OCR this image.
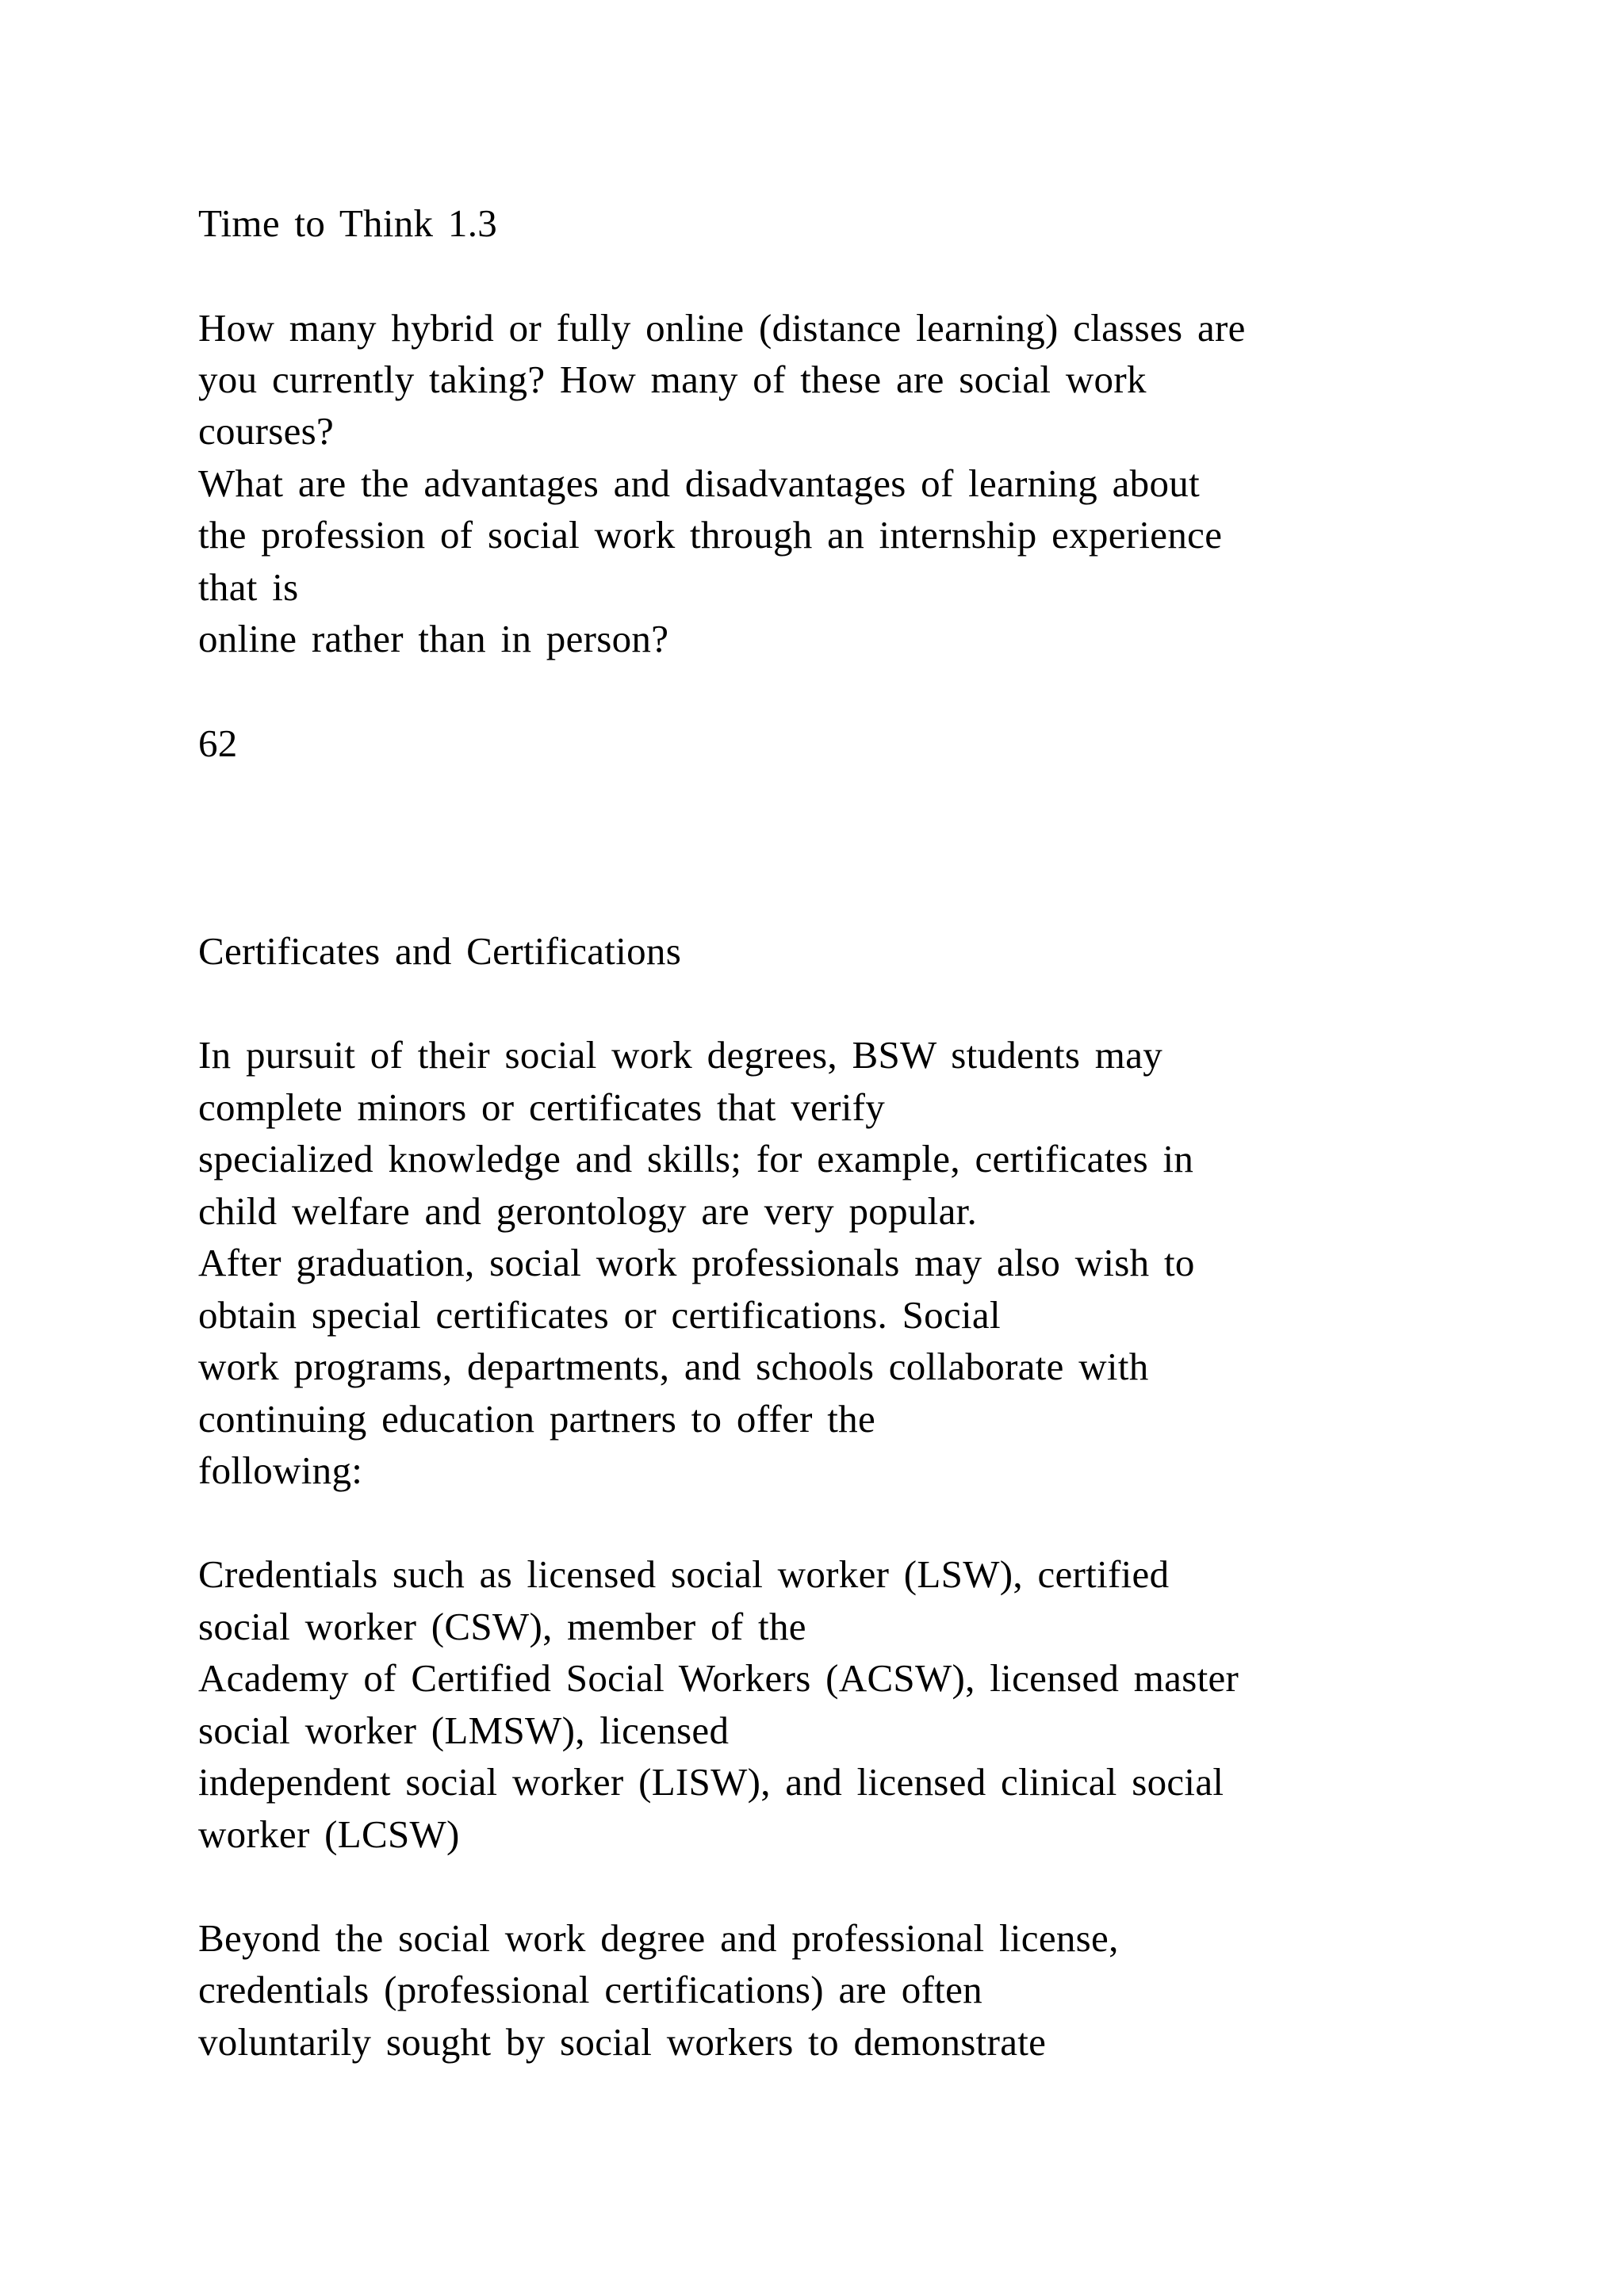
Time to Think 1.3
How many hybrid or fully online (distance learning) classes are
you currently taking? How many of these are social work
courses?
What are the advantages and disadvantages of learning about
the profession of social work through an internship experience
that is
online rather than in person?
62
Certificates and Certifications
In pursuit of their social work degrees, BSW students may
complete minors or certificates that verify
specialized knowledge and skills; for example, certificates in
child welfare and gerontology are very popular.
After graduation, social work professionals may also wish to
obtain special certificates or certifications. Social
work programs, departments, and schools collaborate with
continuing education partners to offer the
following:
Credentials such as licensed social worker (LSW), certified
social worker (CSW), member of the
Academy of Certified Social Workers (ACSW), licensed master
social worker (LMSW), licensed
independent social worker (LISW), and licensed clinical social
worker (LCSW)
Beyond the social work degree and professional license,
credentials (professional certifications) are often
voluntarily sought by social workers to demonstrate
